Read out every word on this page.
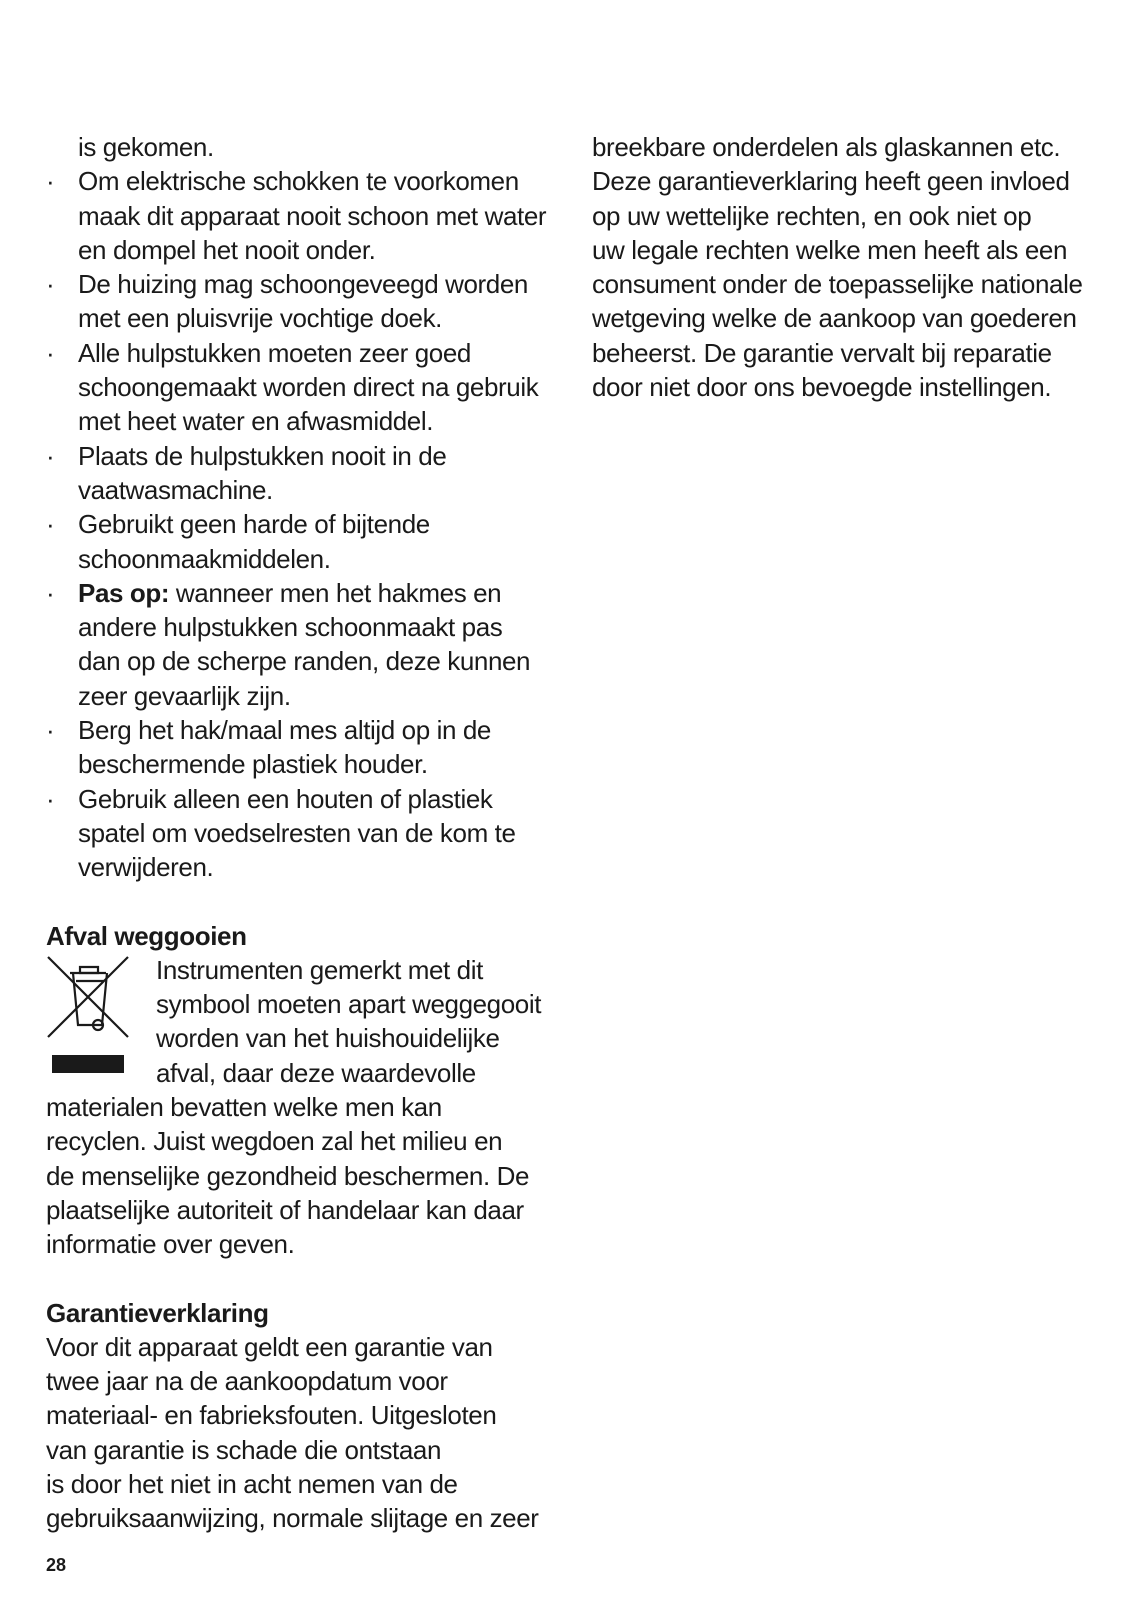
is gekomen.
· Om elektrische schokken te voorkomen
maak dit apparaat nooit schoon met water
en dompel het nooit onder.
· De huizing mag schoongeveegd worden
met een pluisvrije vochtige doek.
· Alle hulpstukken moeten zeer goed
schoongemaakt worden direct na gebruik
met heet water en afwasmiddel.
· Plaats de hulpstukken nooit in de
vaatwasmachine.
· Gebruikt geen harde of bijtende
schoonmaakmiddelen.
· Pas op: wanneer men het hakmes en
andere hulpstukken schoonmaakt pas
dan op de scherpe randen, deze kunnen
zeer gevaarlijk zijn.
· Berg het hak/maal mes altijd op in de
beschermende plastiek houder.
· Gebruik alleen een houten of plastiek
spatel om voedselresten van de kom te
verwijderen.
Afval weggooien
Instrumenten gemerkt met dit
symbool moeten apart weggegooit
worden van het huishouidelijke
afval, daar deze waardevolle
materialen bevatten welke men kan
recyclen. Juist wegdoen zal het milieu en
de menselijke gezondheid beschermen. De
plaatselijke autoriteit of handelaar kan daar
informatie over geven.
Garantieverklaring
Voor dit apparaat geldt een garantie van
twee jaar na de aankoopdatum voor
materiaal- en fabrieksfouten. Uitgesloten
van garantie is schade die ontstaan
is door het niet in acht nemen van de
gebruiksaanwijzing, normale slijtage en zeer
breekbare onderdelen als glaskannen etc.
Deze garantieverklaring heeft geen invloed
op uw wettelijke rechten, en ook niet op
uw legale rechten welke men heeft als een
consument onder de toepasselijke nationale
wetgeving welke de aankoop van goederen
beheerst. De garantie vervalt bij reparatie
door niet door ons bevoegde instellingen.
28
